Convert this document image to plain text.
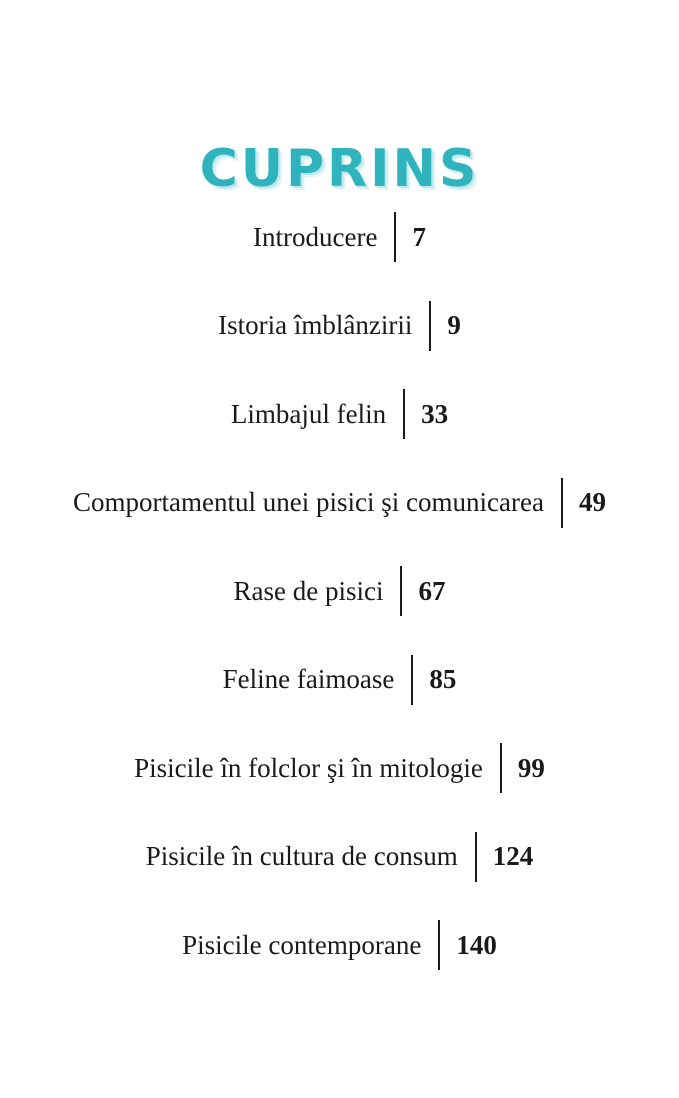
CUPRINS
Introducere 7
Istoria îmblânzirii 9
Limbajul felin 33
Comportamentul unei pisici şi comunicarea 49
Rase de pisici 67
Feline faimoase 85
Pisicile în folclor şi în mitologie 99
Pisicile în cultura de consum 124
Pisicile contemporane 140
